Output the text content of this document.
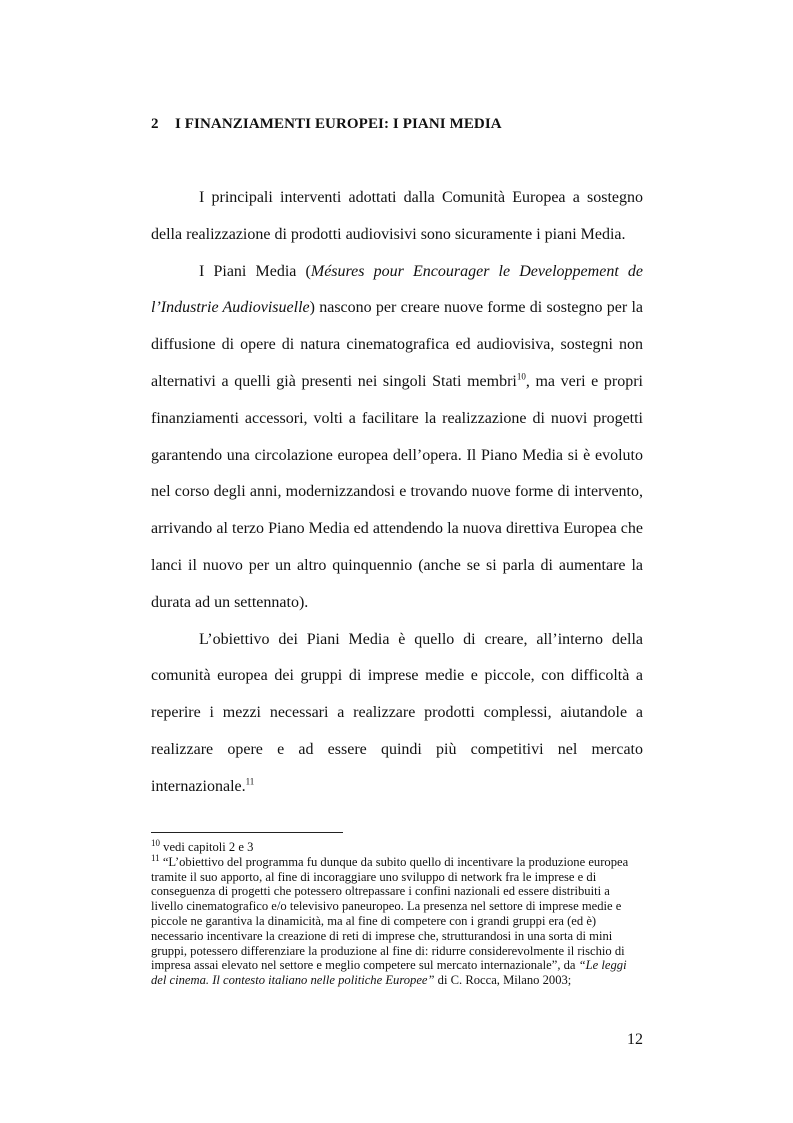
2 I FINANZIAMENTI EUROPEI: I PIANI MEDIA

I principali interventi adottati dalla Comunità Europea a sostegno della realizzazione di prodotti audiovisivi sono sicuramente i piani Media.

I Piani Media (Mésures pour Encourager le Developpement de l’Industrie Audiovisuelle) nascono per creare nuove forme di sostegno per la diffusione di opere di natura cinematografica ed audiovisiva, sostegni non alternativi a quelli già presenti nei singoli Stati membri$^{10}$, ma veri e propri finanziamenti accessori, volti a facilitare la realizzazione di nuovi progetti garantendo una circolazione europea dell’opera. Il Piano Media si è evoluto nel corso degli anni, modernizzandosi e trovando nuove forme di intervento, arrivando al terzo Piano Media ed attendendo la nuova direttiva Europea che lanci il nuovo per un altro quinquennio (anche se si parla di aumentare la durata ad un settennato).

L’obiettivo dei Piani Media è quello di creare, all’interno della comunità europea dei gruppi di imprese medie e piccole, con difficoltà a reperire i mezzi necessari a realizzare prodotti complessi, aiutandole a realizzare opere e ad essere quindi più competitivi nel mercato internazionale.$^{11}$

$^{10}$ vedi capitoli 2 e 3

$^{11}$ “L’obiettivo del programma fu dunque da subito quello di incentivare la produzione europea tramite il suo apporto, al fine di incoraggiare uno sviluppo di network fra le imprese e di conseguenza di progetti che potessero oltrepassare i confini nazionali ed essere distribuiti a livello cinematografico e/o televisivo paneuropeo. La presenza nel settore di imprese medie e piccole ne garantiva la dinamicità, ma al fine di competere con i grandi gruppi era (ed è) necessario incentivare la creazione di reti di imprese che, strutturandosi in una sorta di mini gruppi, potessero differenziare la produzione al fine di: ridurre considerevolmente il rischio di impresa assai elevato nel settore e meglio competere sul mercato internazionale”, da “Le leggi del cinema. Il contesto italiano nelle politiche Europee” di C. Rocca, Milano 2003;

12
